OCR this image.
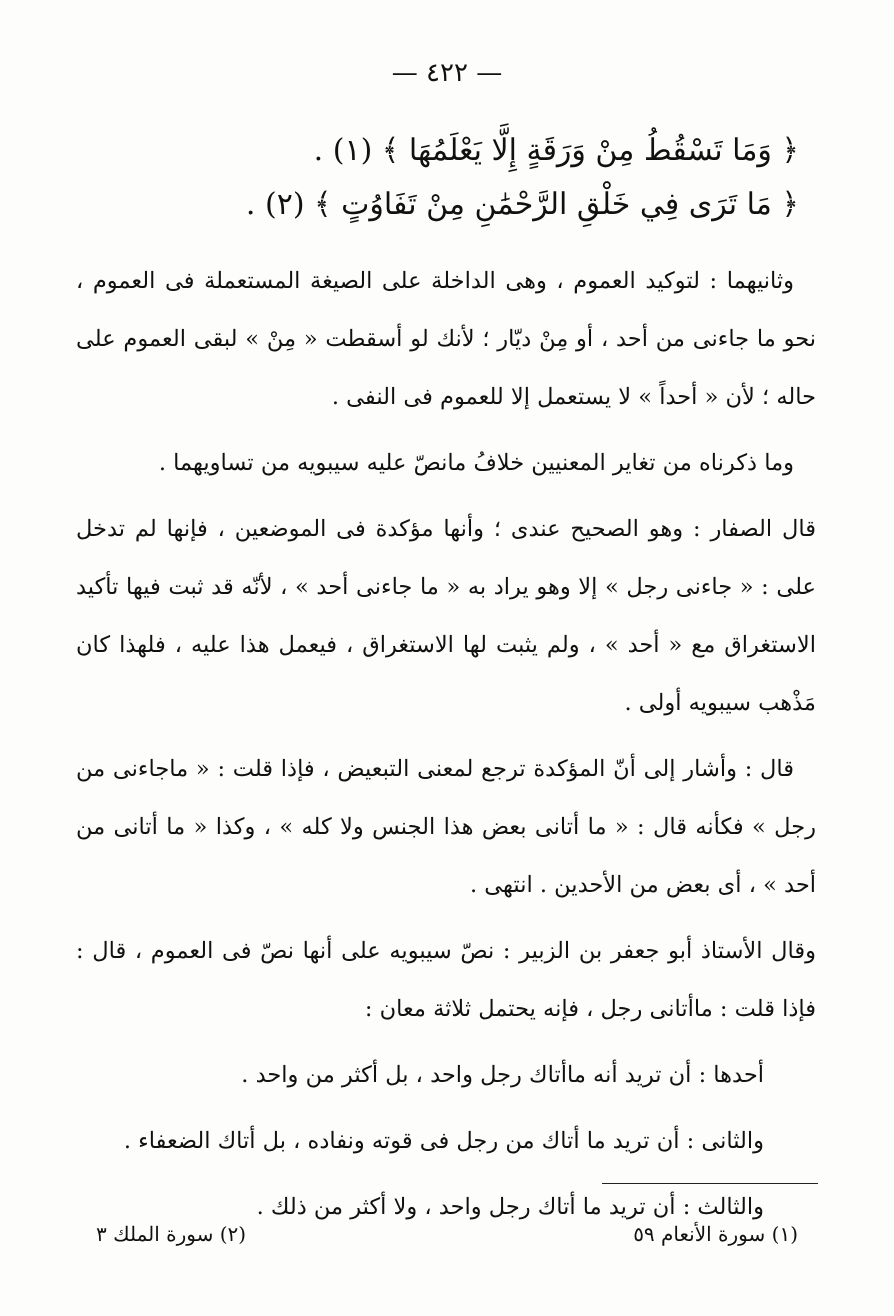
— ٤٢٢ —
﴿ وَمَا تَسْقُطُ مِنْ وَرَقَةٍ إِلَّا يَعْلَمُهَا ﴾ (١) .
﴿ مَا تَرَى فِي خَلْقِ الرَّحْمَٰنِ مِنْ تَفَاوُتٍ ﴾ (٢) .

وثانيهما : لتوكيد العموم ، وهى الداخلة على الصيغة المستعملة فى العموم ، نحو ما جاءنى من أحد ، أو مِنْ ديّار ؛ لأنك لو أسقطت « مِنْ » لبقى العموم على حاله ؛ لأن « أحداً » لا يستعمل إلا للعموم فى النفى .

وما ذكرناه من تغاير المعنيين خلافُ مانصّ عليه سيبويه من تساويهما .

قال الصفار : وهو الصحيح عندى ؛ وأنها مؤكدة فى الموضعين ، فإنها لم تدخل على : « جاءنى رجل » إلا وهو يراد به « ما جاءنى أحد » ، لأنّه قد ثبت فيها تأكيد الاستغراق مع « أحد » ، ولم يثبت لها الاستغراق ، فيعمل هذا عليه ، فلهذا كان مَذْهب سيبويه أولى .

قال : وأشار إلى أنّ المؤكدة ترجع لمعنى التبعيض ، فإذا قلت : « ماجاءنى من رجل » فكأنه قال : « ما أتانى بعض هذا الجنس ولا كله » ، وكذا « ما أتانى من أحد » ، أى بعض من الأحدين . انتهى .

وقال الأستاذ أبو جعفر بن الزبير : نصّ سيبويه على أنها نصّ فى العموم ، قال : فإذا قلت : ماأتانى رجل ، فإنه يحتمل ثلاثة معان :

أحدها : أن تريد أنه ماأتاك رجل واحد ، بل أكثر من واحد .

والثانى : أن تريد ما أتاك من رجل فى قوته ونفاده ، بل أتاك الضعفاء .

والثالث : أن تريد ما أتاك رجل واحد ، ولا أكثر من ذلك .

(١) سورة الأنعام ٥٩
(٢) سورة الملك ٣
